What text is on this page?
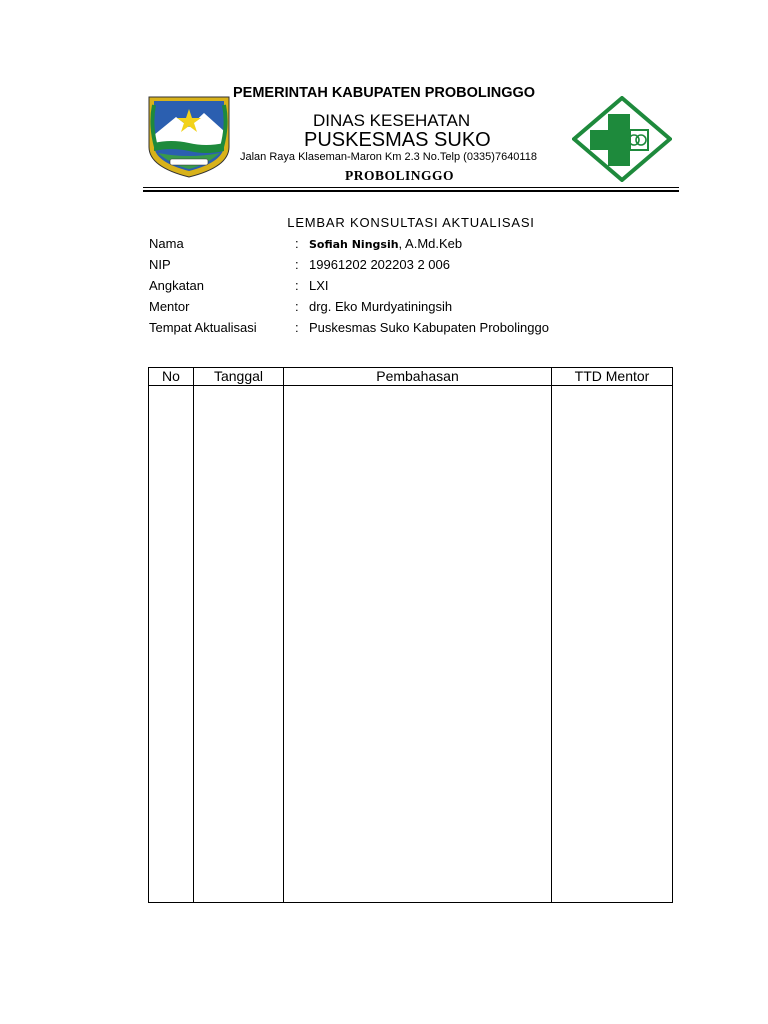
PEMERINTAH KABUPATEN PROBOLINGGO
DINAS KESEHATAN
PUSKESMAS SUKO
Jalan Raya Klaseman-Maron Km 2.3 No.Telp (0335)7640118
PROBOLINGGO
LEMBAR KONSULTASI AKTUALISASI
Nama	: Sofiah Ningsih, A.Md.Keb
NIP	: 19961202 202203 2 006
Angkatan	: LXI
Mentor	: drg. Eko Murdyatiningsih
Tempat Aktualisasi	: Puskesmas Suko Kabupaten Probolinggo
No	Tanggal	Pembahasan	TTD Mentor
